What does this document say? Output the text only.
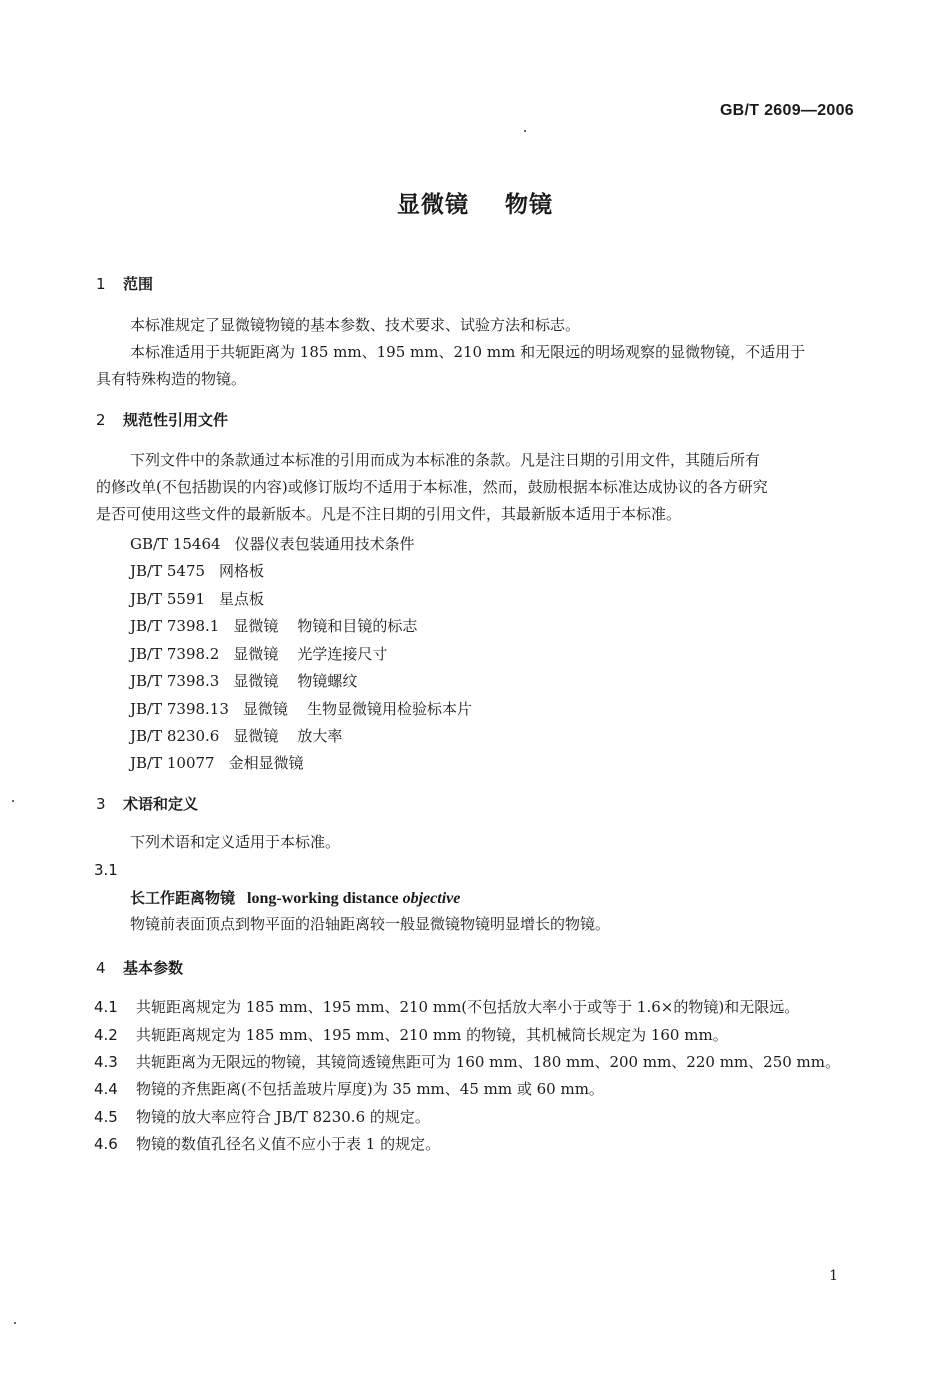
GB/T 2609—2006
显微镜    物镜
1 范围
本标准规定了显微镜物镜的基本参数、技术要求、试验方法和标志。
本标准适用于共轭距离为 185 mm、195 mm、210 mm 和无限远的明场观察的显微物镜，不适用于
具有特殊构造的物镜。
2 规范性引用文件
下列文件中的条款通过本标准的引用而成为本标准的条款。凡是注日期的引用文件，其随后所有
的修改单(不包括勘误的内容)或修订版均不适用于本标准，然而，鼓励根据本标准达成协议的各方研究
是否可使用这些文件的最新版本。凡是不注日期的引用文件，其最新版本适用于本标准。
GB/T 15464 仪器仪表包装通用技术条件
JB/T 5475 网格板
JB/T 5591 星点板
JB/T 7398.1 显微镜    物镜和目镜的标志
JB/T 7398.2 显微镜    光学连接尺寸
JB/T 7398.3 显微镜    物镜螺纹
JB/T 7398.13 显微镜    生物显微镜用检验标本片
JB/T 8230.6 显微镜    放大率
JB/T 10077 金相显微镜
3 术语和定义
下列术语和定义适用于本标准。
3.1
长工作距离物镜 long-working distance objective
物镜前表面顶点到物平面的沿轴距离较一般显微镜物镜明显增长的物镜。
4 基本参数
4.1 共轭距离规定为 185 mm、195 mm、210 mm(不包括放大率小于或等于 1.6×的物镜)和无限远。
4.2 共轭距离规定为 185 mm、195 mm、210 mm 的物镜，其机械筒长规定为 160 mm。
4.3 共轭距离为无限远的物镜，其镜筒透镜焦距可为 160 mm、180 mm、200 mm、220 mm、250 mm。
4.4 物镜的齐焦距离(不包括盖玻片厚度)为 35 mm、45 mm 或 60 mm。
4.5 物镜的放大率应符合 JB/T 8230.6 的规定。
4.6 物镜的数值孔径名义值不应小于表 1 的规定。
1
